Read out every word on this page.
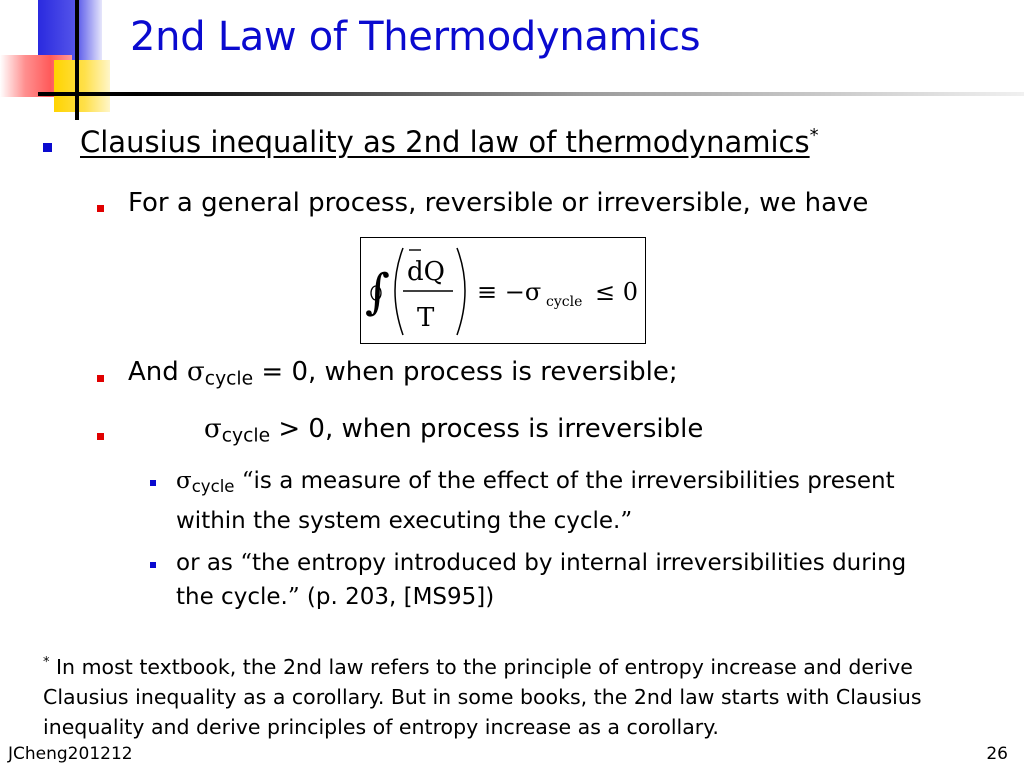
2nd Law of Thermodynamics
Clausius inequality as 2nd law of thermodynamics*
For a general process, reversible or irreversible, we have
∫ dQ
T
≡ −σ cycle ≤ 0
And $\sigma_{cycle} = 0$, when process is reversible;
$\sigma_{cycle} > 0$, when process is irreversible
$\sigma_{cycle}$ “is a measure of the effect of the irreversibilities present
within the system executing the cycle.”
or as “the entropy introduced by internal irreversibilities during
the cycle.” (p. 203, [MS95])
* In most textbook, the 2nd law refers to the principle of entropy increase and derive Clausius inequality as a corollary. But in some books, the 2nd law starts with Clausius inequality and derive principles of entropy increase as a corollary.
JCheng201212	26
